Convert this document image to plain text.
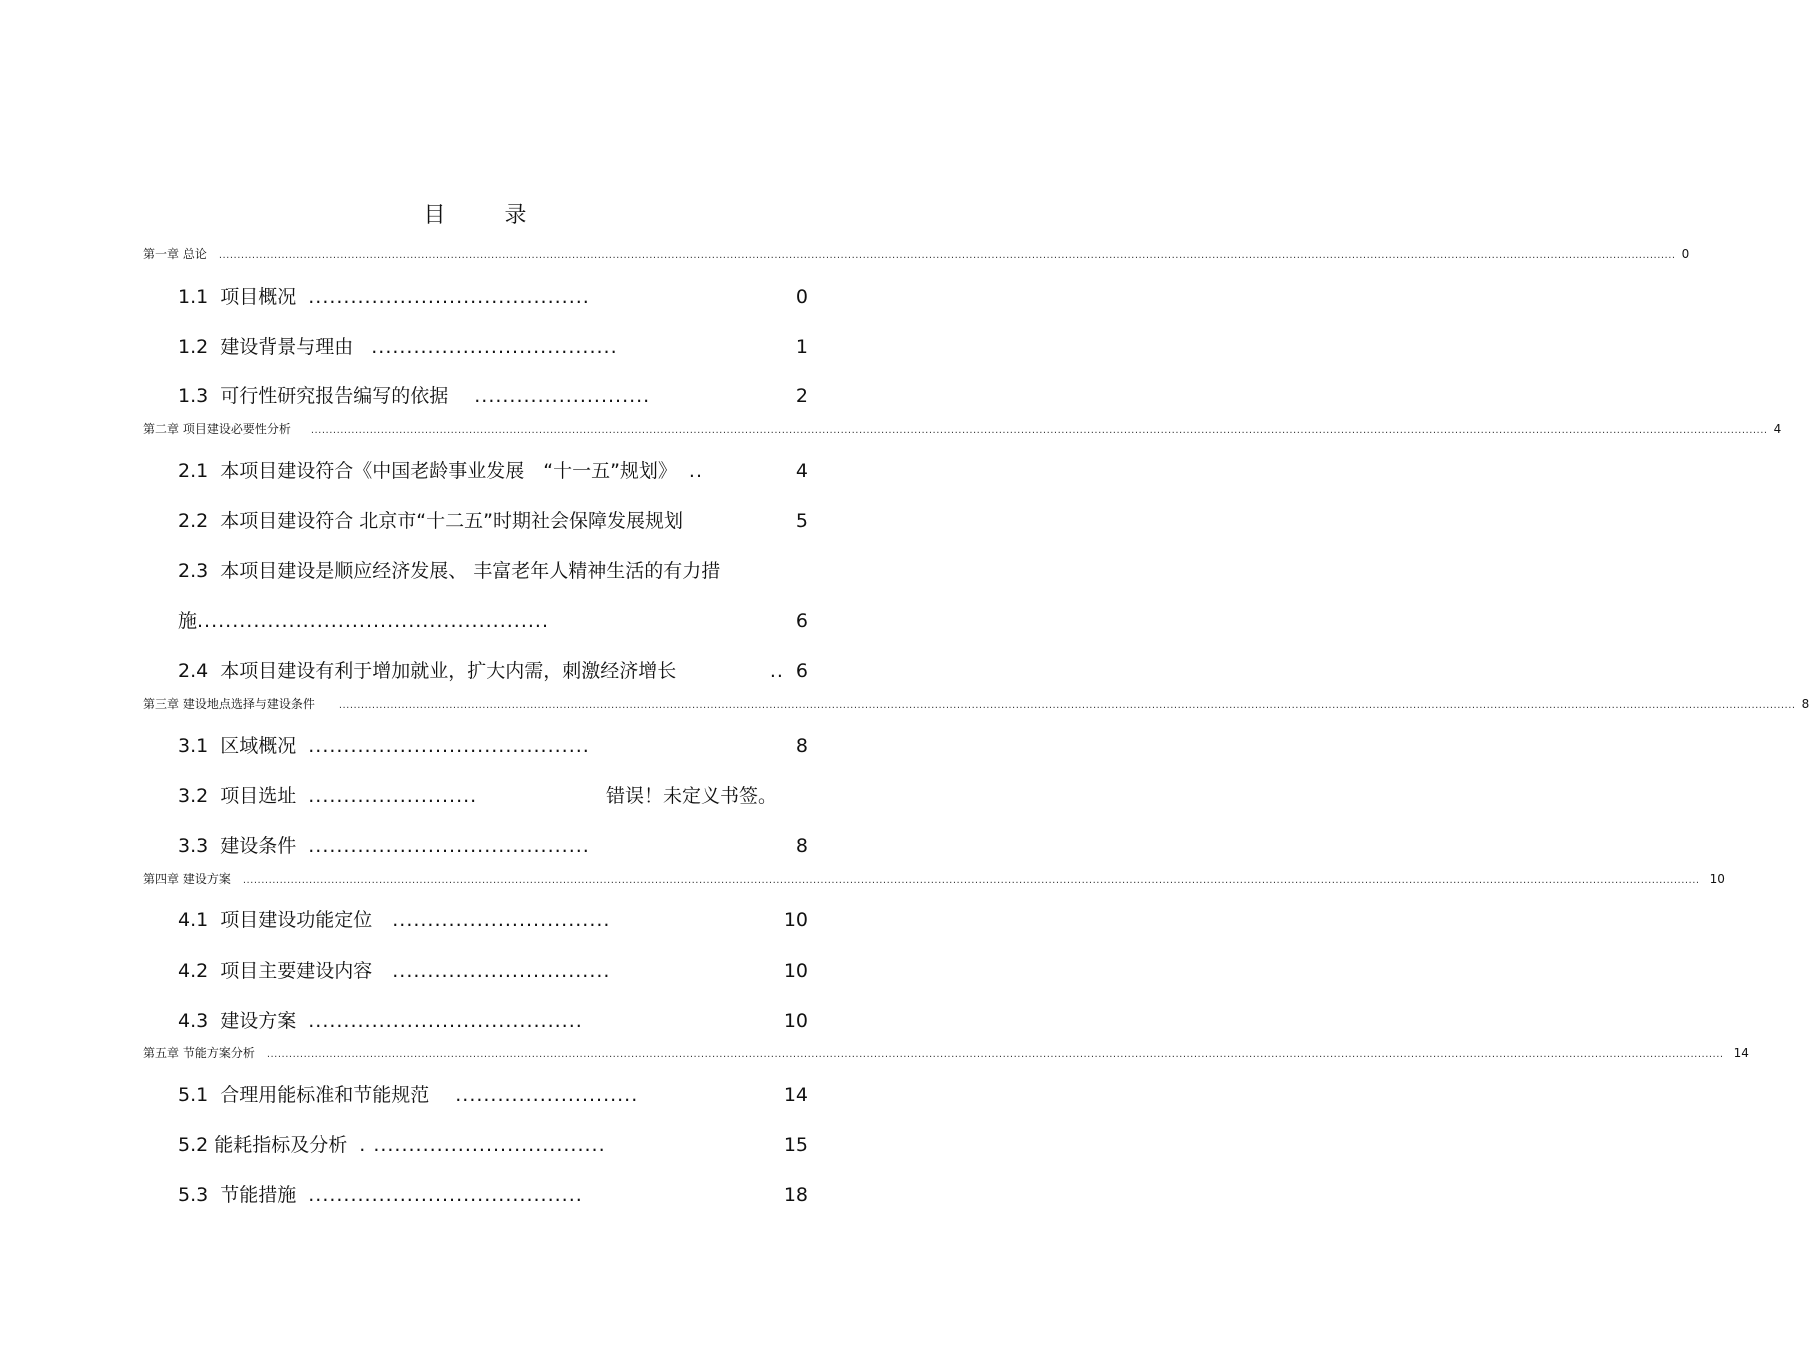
目 录
第一章 总论 ............................................................................................................................................................................................................................................................................................................................................................................................................ 0
1.1 项目概况 ........................................	0
1.2 建设背景与理由 ...................................	1
1.3 可行性研究报告编写的依据 .........................	2
第二章 项目建设必要性分析 ............................................................................................................................................................................................................................................................................................................................................................................................................ 4
2.1 本项目建设符合《中国老龄事业发展　“十一五”规划》 ..	4
2.2 本项目建设符合 北京市“十二五”时期社会保障发展规划	5
2.3 本项目建设是顺应经济发展、 丰富老年人精神生活的有力措
施 ..................................................	6
2.4 本项目建设有利于增加就业，扩大内需，刺激经济增长	.. 6
第三章 建设地点选择与建设条件 ............................................................................................................................................................................................................................................................................................................................................................................................................ 8
3.1 区域概况 ........................................	8
3.2 项目选址 ........................	错误！未定义书签。
3.3 建设条件 ........................................	8
第四章 建设方案 ............................................................................................................................................................................................................................................................................................................................................................................................................ 10
4.1 项目建设功能定位 ...............................	10
4.2 项目主要建设内容 ...............................	10
4.3 建设方案 .......................................	10
第五章 节能方案分析 ............................................................................................................................................................................................................................................................................................................................................................................................................ 14
5.1 合理用能标准和节能规范 ..........................	14
5.2 能耗指标及分析 . .................................	15
5.3 节能措施 .......................................	18
